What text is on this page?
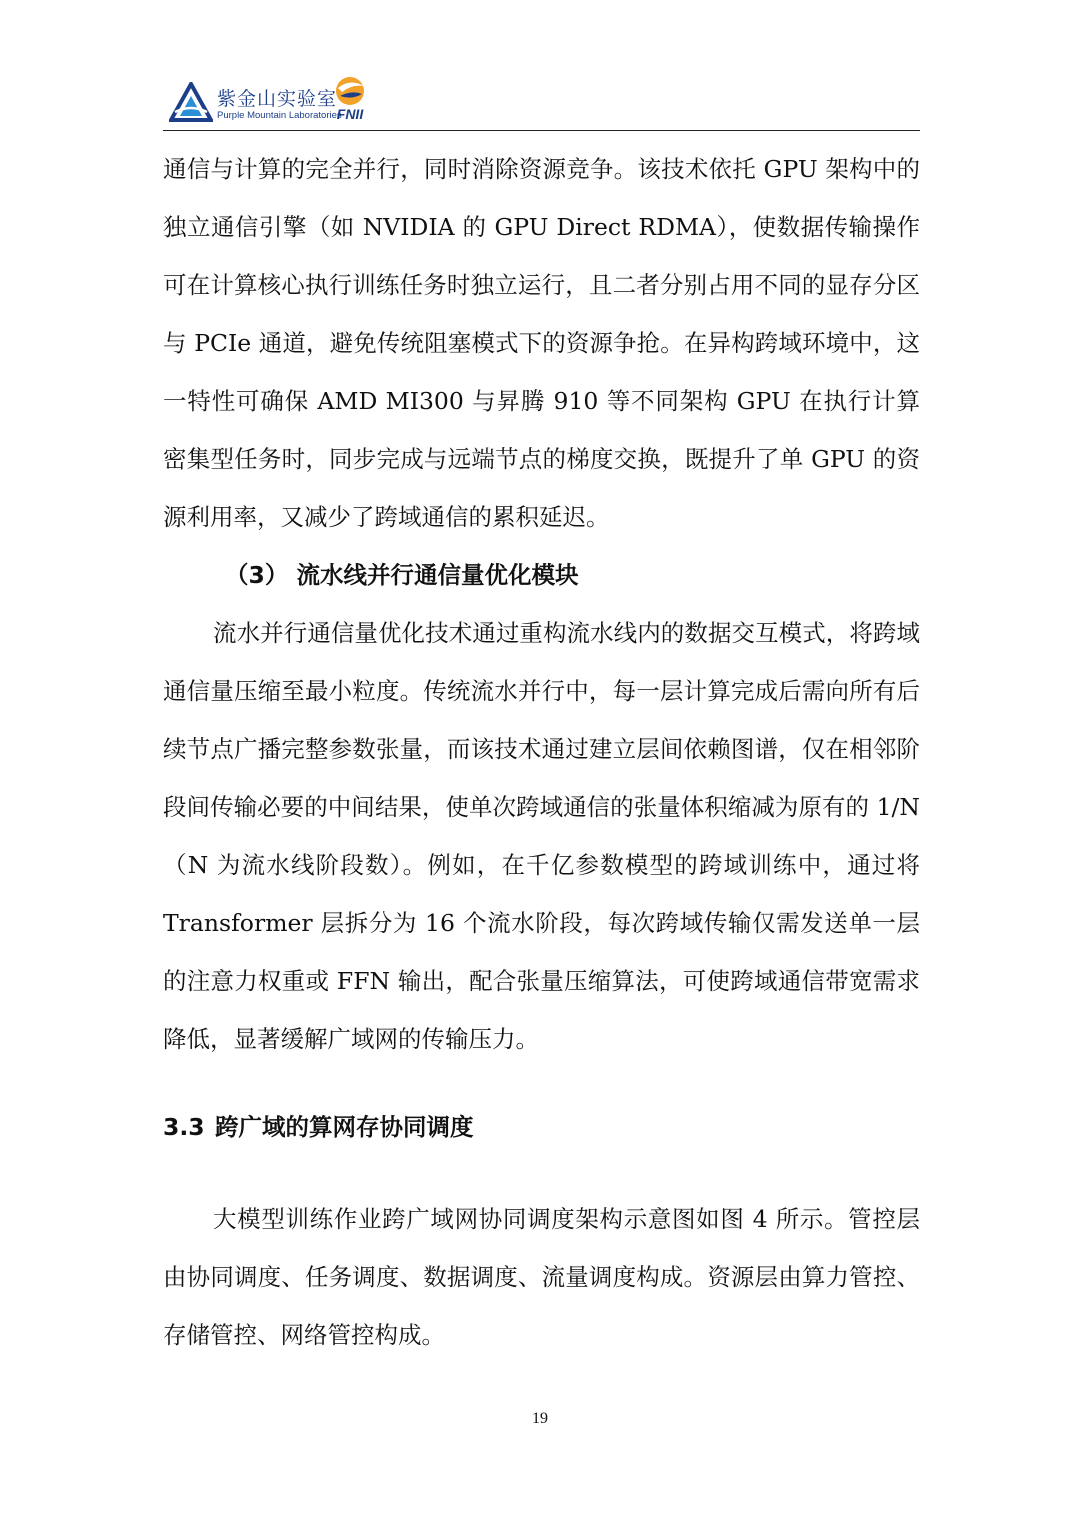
紫金山实验室
Purple Mountain Laboratories
FNII

通信与计算的完全并行，同时消除资源竞争。该技术依托 GPU 架构中的独立通信引擎（如 NVIDIA 的 GPU Direct RDMA），使数据传输操作可在计算核心执行训练任务时独立运行，且二者分别占用不同的显存分区与 PCIe 通道，避免传统阻塞模式下的资源争抢。在异构跨域环境中，这一特性可确保 AMD MI300 与昇腾 910 等不同架构 GPU 在执行计算密集型任务时，同步完成与远端节点的梯度交换，既提升了单 GPU 的资源利用率，又减少了跨域通信的累积延迟。

（3） 流水线并行通信量优化模块

流水并行通信量优化技术通过重构流水线内的数据交互模式，将跨域通信量压缩至最小粒度。传统流水并行中，每一层计算完成后需向所有后续节点广播完整参数张量，而该技术通过建立层间依赖图谱，仅在相邻阶段间传输必要的中间结果，使单次跨域通信的张量体积缩减为原有的 1/N（N 为流水线阶段数）。例如，在千亿参数模型的跨域训练中，通过将 Transformer 层拆分为 16 个流水阶段，每次跨域传输仅需发送单一层的注意力权重或 FFN 输出，配合张量压缩算法，可使跨域通信带宽需求降低，显著缓解广域网的传输压力。

3.3 跨广域的算网存协同调度

大模型训练作业跨广域网协同调度架构示意图如图 4 所示。管控层由协同调度、任务调度、数据调度、流量调度构成。资源层由算力管控、存储管控、网络管控构成。

19
